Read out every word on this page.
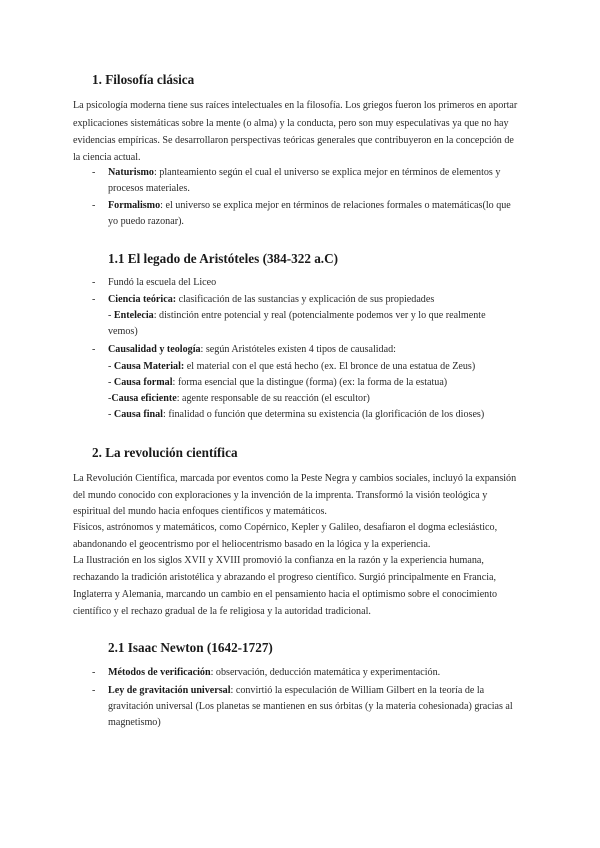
1. Filosofía clásica
La psicología moderna tiene sus raíces intelectuales en la filosofía. Los griegos fueron los primeros en aportar
explicaciones sistemáticas sobre la mente (o alma) y la conducta, pero son muy especulativas ya que no hay
evidencias empíricas. Se desarrollaron perspectivas teóricas generales que contribuyeron en la concepción de
la ciencia actual.
- Naturismo: planteamiento según el cual el universo se explica mejor en términos de elementos y
procesos materiales.
- Formalismo: el universo se explica mejor en términos de relaciones formales o matemáticas(lo que
yo puedo razonar).
1.1 El legado de Aristóteles (384-322 a.C)
- Fundó la escuela del Liceo
- Ciencia teórica: clasificación de las sustancias y explicación de sus propiedades
- Entelecia: distinción entre potencial y real (potencialmente podemos ver y lo que realmente
vemos)
- Causalidad y teología: según Aristóteles existen 4 tipos de causalidad:
- Causa Material: el material con el que está hecho (ex. El bronce de una estatua de Zeus)
- Causa formal: forma esencial que la distingue (forma) (ex: la forma de la estatua)
-Causa eficiente: agente responsable de su reacción (el escultor)
- Causa final: finalidad o función que determina su existencia (la glorificación de los dioses)
2. La revolución científica
La Revolución Científica, marcada por eventos como la Peste Negra y cambios sociales, incluyó la expansión
del mundo conocido con exploraciones y la invención de la imprenta. Transformó la visión teológica y
espiritual del mundo hacia enfoques científicos y matemáticos.
Físicos, astrónomos y matemáticos, como Copérnico, Kepler y Galileo, desafiaron el dogma eclesiástico,
abandonando el geocentrismo por el heliocentrismo basado en la lógica y la experiencia.
La Ilustración en los siglos XVII y XVIII promovió la confianza en la razón y la experiencia humana,
rechazando la tradición aristotélica y abrazando el progreso científico. Surgió principalmente en Francia,
Inglaterra y Alemania, marcando un cambio en el pensamiento hacia el optimismo sobre el conocimiento
científico y el rechazo gradual de la fe religiosa y la autoridad tradicional.
2.1 Isaac Newton (1642-1727)
- Métodos de verificación: observación, deducción matemática y experimentación.
- Ley de gravitación universal: convirtió la especulación de William Gilbert en la teoría de la
gravitación universal (Los planetas se mantienen en sus órbitas (y la materia cohesionada) gracias al
magnetismo)
